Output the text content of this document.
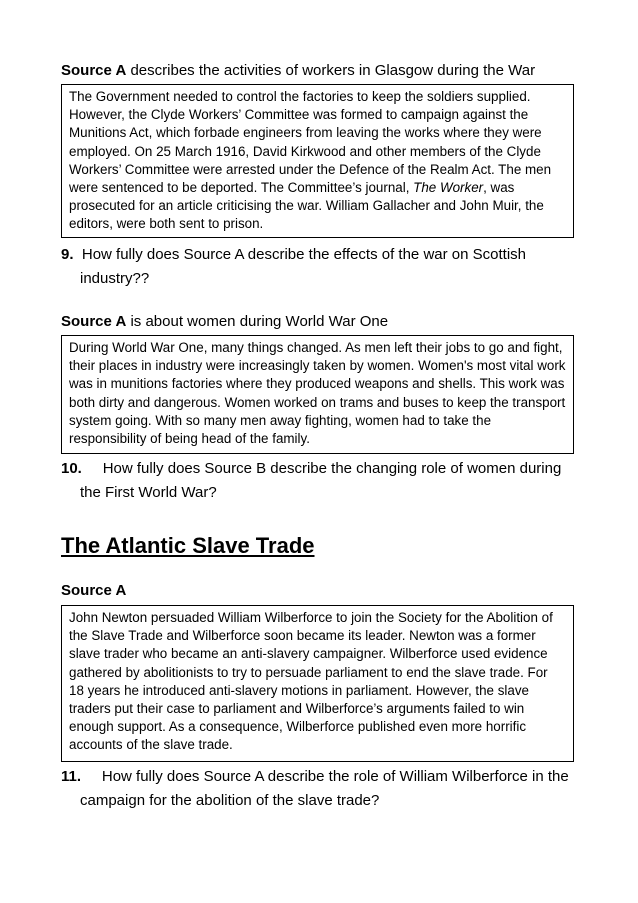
Source A describes the activities of workers in Glasgow during the War

The Government needed to control the factories to keep the soldiers supplied. However, the Clyde Workers’ Committee was formed to campaign against the Munitions Act, which forbade engineers from leaving the works where they were employed. On 25 March 1916, David Kirkwood and other members of the Clyde Workers’ Committee were arrested under the Defence of the Realm Act. The men were sentenced to be deported. The Committee’s journal, The Worker, was prosecuted for an article criticising the war. William Gallacher and John Muir, the editors, were both sent to prison.

9. How fully does Source A describe the effects of the war on Scottish industry??
Source A is about women during World War One

During World War One, many things changed. As men left their jobs to go and fight, their places in industry were increasingly taken by women. Women's most vital work was in munitions factories where they produced weapons and shells. This work was both dirty and dangerous. Women worked on trams and buses to keep the transport system going. With so many men away fighting, women had to take the responsibility of being head of the family.

10. How fully does Source B describe the changing role of women during the First World War?
The Atlantic Slave Trade
Source A

John Newton persuaded William Wilberforce to join the Society for the Abolition of the Slave Trade and Wilberforce soon became its leader. Newton was a former slave trader who became an anti-slavery campaigner. Wilberforce used evidence gathered by abolitionists to try to persuade parliament to end the slave trade. For 18 years he introduced anti-slavery motions in parliament. However, the slave traders put their case to parliament and Wilberforce’s arguments failed to win enough support. As a consequence, Wilberforce published even more horrific accounts of the slave trade.

11. How fully does Source A describe the role of William Wilberforce in the campaign for the abolition of the slave trade?
